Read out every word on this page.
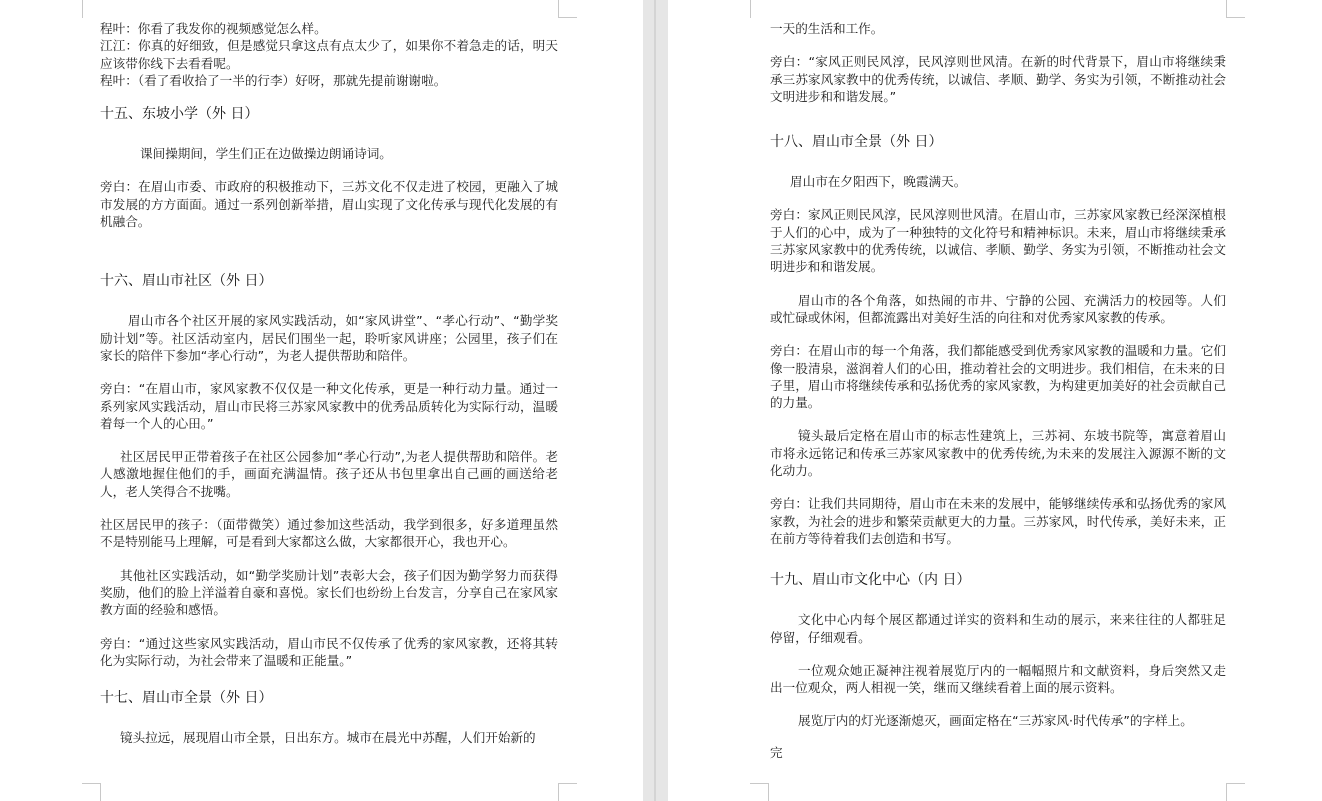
程叶：你看了我发你的视频感觉怎么样。

江江：你真的好细致，但是感觉只拿这点有点太少了，如果你不着急走的话，明天应该带你线下去看看呢。

程叶：（看了看收拾了一半的行李）好呀，那就先提前谢谢啦。

十五、东坡小学（外 日）

课间操期间，学生们正在边做操边朗诵诗词。

旁白：在眉山市委、市政府的积极推动下，三苏文化不仅走进了校园，更融入了城市发展的方方面面。通过一系列创新举措，眉山实现了文化传承与现代化发展的有机融合。

十六、眉山市社区（外 日）

眉山市各个社区开展的家风实践活动，如“家风讲堂”、“孝心行动”、“勤学奖励计划”等。社区活动室内，居民们围坐一起，聆听家风讲座；公园里，孩子们在家长的陪伴下参加“孝心行动”，为老人提供帮助和陪伴。

旁白：“在眉山市，家风家教不仅仅是一种文化传承，更是一种行动力量。通过一系列家风实践活动，眉山市民将三苏家风家教中的优秀品质转化为实际行动，温暖着每一个人的心田。”

社区居民甲正带着孩子在社区公园参加“孝心行动”,为老人提供帮助和陪伴。老人感激地握住他们的手，画面充满温情。孩子还从书包里拿出自己画的画送给老人，老人笑得合不拢嘴。

社区居民甲的孩子：（面带微笑）通过参加这些活动，我学到很多，好多道理虽然不是特别能马上理解，可是看到大家都这么做，大家都很开心，我也开心。

其他社区实践活动，如“勤学奖励计划”表彰大会，孩子们因为勤学努力而获得奖励，他们的脸上洋溢着自豪和喜悦。家长们也纷纷上台发言，分享自己在家风家教方面的经验和感悟。

旁白：“通过这些家风实践活动，眉山市民不仅传承了优秀的家风家教，还将其转化为实际行动，为社会带来了温暖和正能量。”

十七、眉山市全景（外 日）

镜头拉远，展现眉山市全景，日出东方。城市在晨光中苏醒，人们开始新的

一天的生活和工作。

旁白：“家风正则民风淳，民风淳则世风清。在新的时代背景下，眉山市将继续秉承三苏家风家教中的优秀传统，以诚信、孝顺、勤学、务实为引领，不断推动社会文明进步和和谐发展。”

十八、眉山市全景（外 日）

眉山市在夕阳西下，晚霞满天。

旁白：家风正则民风淳，民风淳则世风清。在眉山市，三苏家风家教已经深深植根于人们的心中，成为了一种独特的文化符号和精神标识。未来，眉山市将继续秉承三苏家风家教中的优秀传统，以诚信、孝顺、勤学、务实为引领，不断推动社会文明进步和和谐发展。

眉山市的各个角落，如热闹的市井、宁静的公园、充满活力的校园等。人们或忙碌或休闲，但都流露出对美好生活的向往和对优秀家风家教的传承。

旁白：在眉山市的每一个角落，我们都能感受到优秀家风家教的温暖和力量。它们像一股清泉，滋润着人们的心田，推动着社会的文明进步。我们相信，在未来的日子里，眉山市将继续传承和弘扬优秀的家风家教，为构建更加美好的社会贡献自己的力量。

镜头最后定格在眉山市的标志性建筑上，三苏祠、东坡书院等，寓意着眉山市将永远铭记和传承三苏家风家教中的优秀传统,为未来的发展注入源源不断的文化动力。

旁白：让我们共同期待，眉山市在未来的发展中，能够继续传承和弘扬优秀的家风家教，为社会的进步和繁荣贡献更大的力量。三苏家风，时代传承，美好未来，正在前方等待着我们去创造和书写。

十九、眉山市文化中心（内 日）

文化中心内每个展区都通过详实的资料和生动的展示，来来往往的人都驻足停留，仔细观看。

一位观众她正凝神注视着展览厅内的一幅幅照片和文献资料，身后突然又走出一位观众，两人相视一笑，继而又继续看着上面的展示资料。

展览厅内的灯光逐渐熄灭，画面定格在“三苏家风·时代传承”的字样上。

完
